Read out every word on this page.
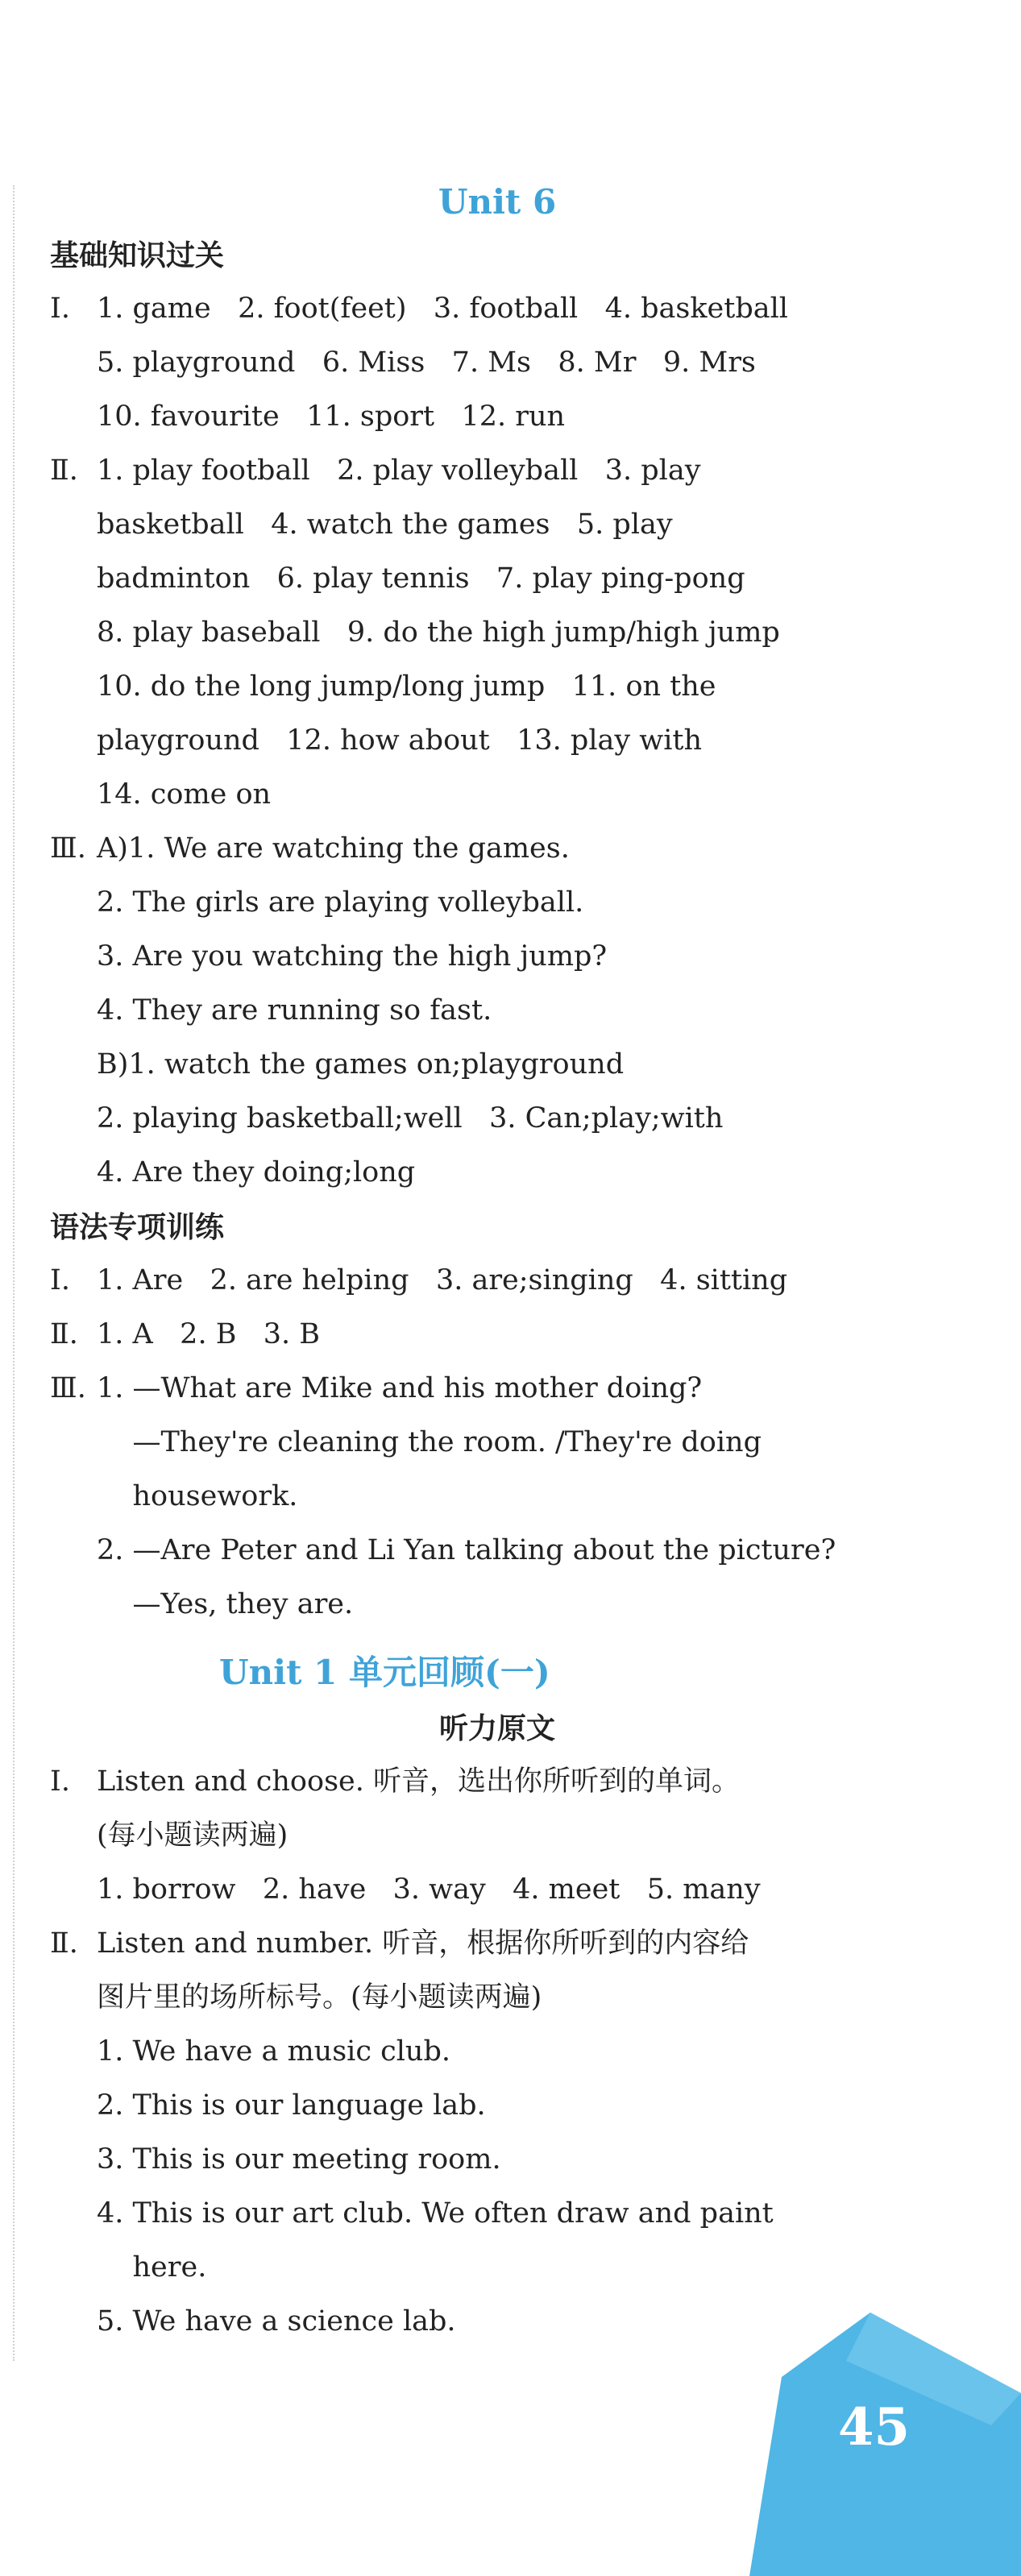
Unit 6
基础知识过关
Ⅰ. 1. game   2. foot(feet)   3. football   4. basketball
5. playground   6. Miss   7. Ms   8. Mr   9. Mrs
10. favourite   11. sport   12. run
Ⅱ. 1. play football   2. play volleyball   3. play
basketball   4. watch the games   5. play
badminton   6. play tennis   7. play ping-pong
8. play baseball   9. do the high jump/high jump
10. do the long jump/long jump   11. on the
playground   12. how about   13. play with
14. come on
Ⅲ. A)1. We are watching the games.
2. The girls are playing volleyball.
3. Are you watching the high jump?
4. They are running so fast.
B)1. watch the games on;playground
2. playing basketball;well   3. Can;play;with
4. Are they doing;long
语法专项训练
Ⅰ. 1. Are   2. are helping   3. are;singing   4. sitting
Ⅱ. 1. A   2. B   3. B
Ⅲ. 1. —What are Mike and his mother doing?
—They're cleaning the room. /They're doing
housework.
2. —Are Peter and Li Yan talking about the picture?
—Yes, they are.
Unit 1 单元回顾(一)
听力原文
Ⅰ. Listen and choose. 听音，选出你所听到的单词。
(每小题读两遍)
1. borrow   2. have   3. way   4. meet   5. many
Ⅱ. Listen and number. 听音，根据你所听到的内容给
图片里的场所标号。(每小题读两遍)
1. We have a music club.
2. This is our language lab.
3. This is our meeting room.
4. This is our art club. We often draw and paint
here.
5. We have a science lab.
45
